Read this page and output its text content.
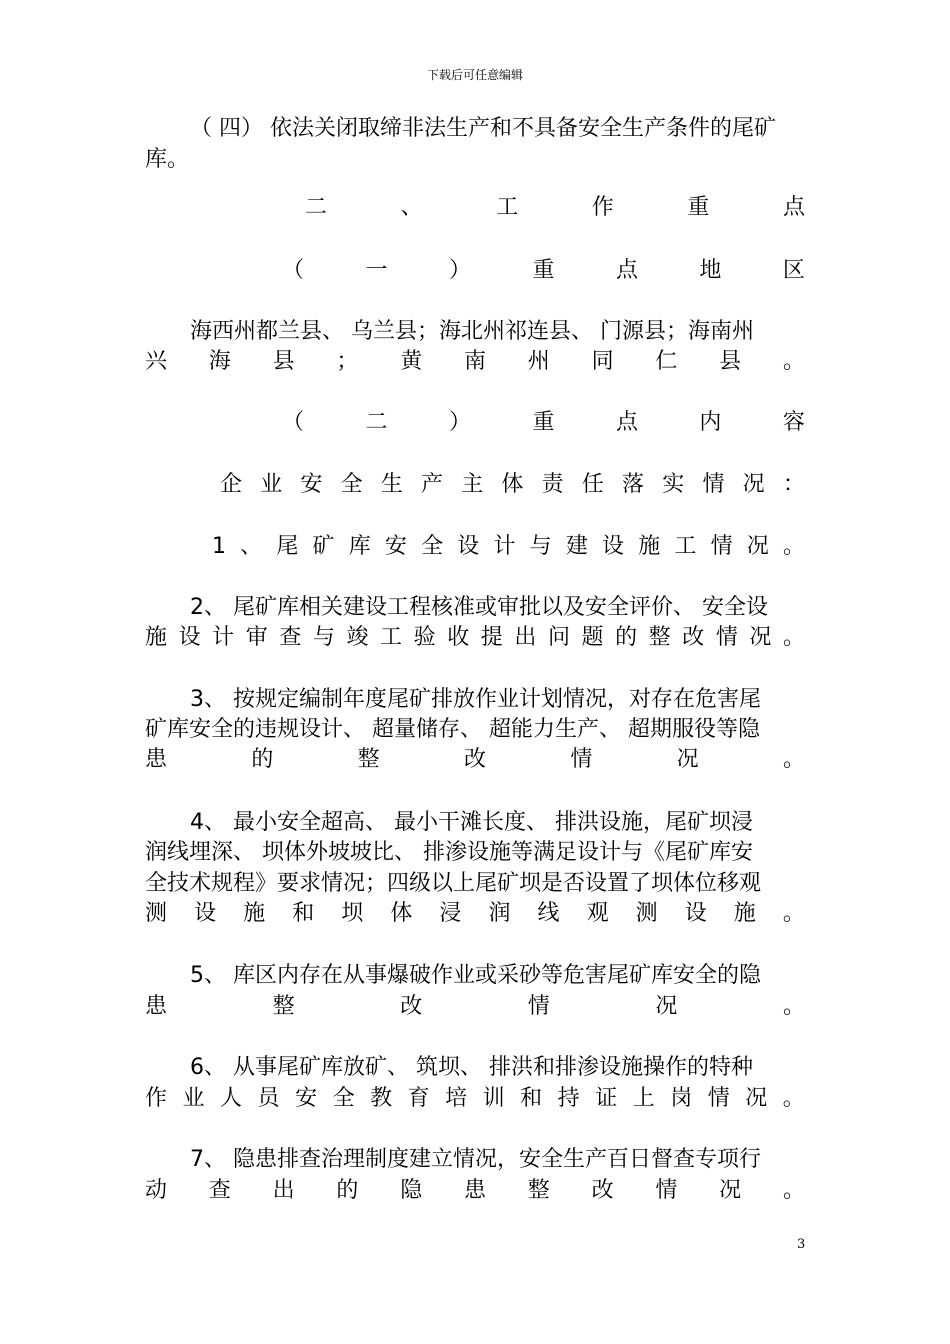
下载后可任意编辑
（ 四） 依法关闭取缔非法生产和不具备安全生产条件的尾矿
库。
二	、	工	作	重	点
（	一	）	重	点	地	区
海西州都兰县、 乌兰县；海北州祁连县、 门源县；海南州
兴 海 县 ； 黄 南 州 同 仁 县 。
（	二	）	重	点	内	容
企 业 安 全 生 产 主 体 责 任 落 实 情 况 ：
1 、 尾 矿 库 安 全 设 计 与 建 设 施 工 情 况 。
2、 尾矿库相关建设工程核准或审批以及安全评价、 安全设
施 设 计 审 查 与 竣 工 验 收 提 出 问 题 的 整 改 情 况 。
3、 按规定编制年度尾矿排放作业计划情况，对存在危害尾
矿库安全的违规设计、 超量储存、 超能力生产、 超期服役等隐
患	的	整	改	情	况	。
4、 最小安全超高、 最小干滩长度、 排洪设施，尾矿坝浸
润线埋深、 坝体外坡坡比、 排渗设施等满足设计与《尾矿库安
全技术规程》要求情况；四级以上尾矿坝是否设置了坝体位移观
测 设 施 和 坝 体 浸 润 线 观 测 设 施 。
5、 库区内存在从事爆破作业或采砂等危害尾矿库安全的隐
患	整	改	情	况	。
6、 从事尾矿库放矿、 筑坝、 排洪和排渗设施操作的特种
作 业 人 员 安 全 教 育 培 训 和 持 证 上 岗 情 况 。
7、 隐患排查治理制度建立情况，安全生产百日督查专项行
动 查 出 的 隐 患 整 改 情 况 。
3
